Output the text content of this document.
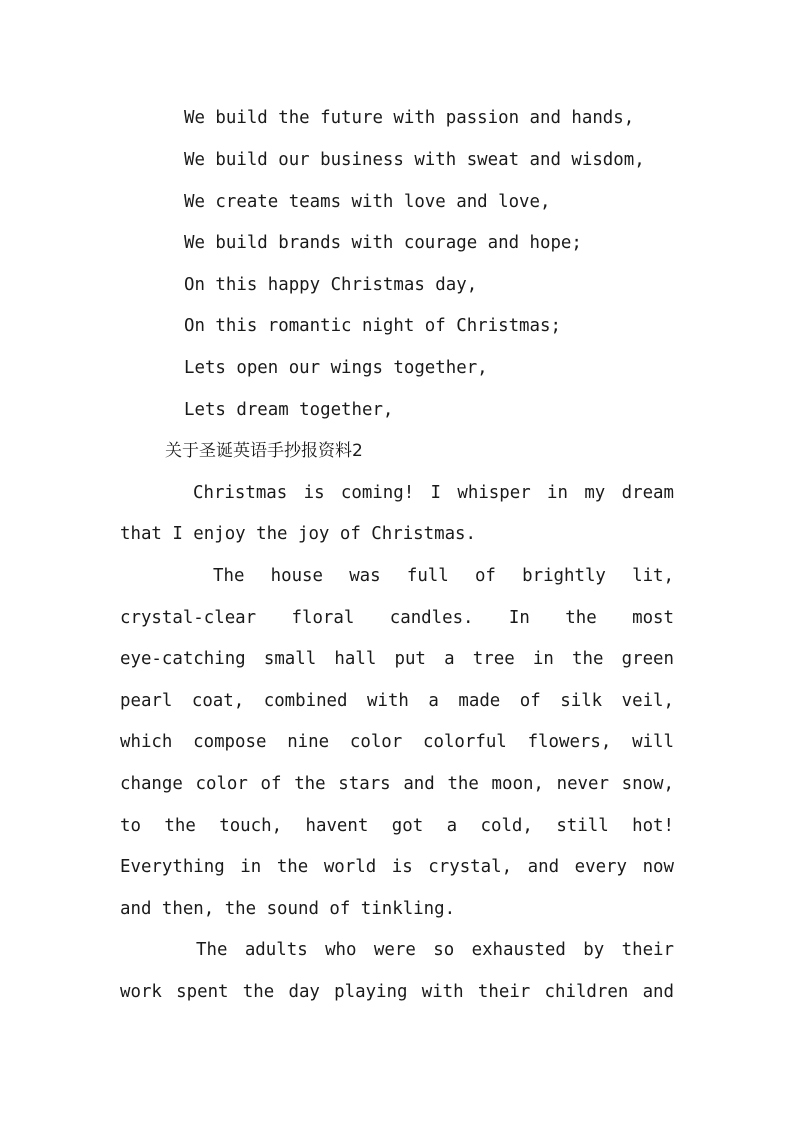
We build the future with passion and hands,
We build our business with sweat and wisdom,
We create teams with love and love,
We build brands with courage and hope;
On this happy Christmas day,
On this romantic night of Christmas;
Lets open our wings together,
Lets dream together,
关于圣诞英语手抄报资料2
Christmas is coming! I whisper in my dream
that I enjoy the joy of Christmas.
The house was full of brightly lit,
crystal-clear floral candles. In the most
eye-catching small hall put a tree in the green
pearl coat, combined with a made of silk veil,
which compose nine color colorful flowers, will
change color of the stars and the moon, never snow,
to the touch, havent got a cold, still hot!
Everything in the world is crystal, and every now
and then, the sound of tinkling.
The adults who were so exhausted by their
work spent the day playing with their children and
